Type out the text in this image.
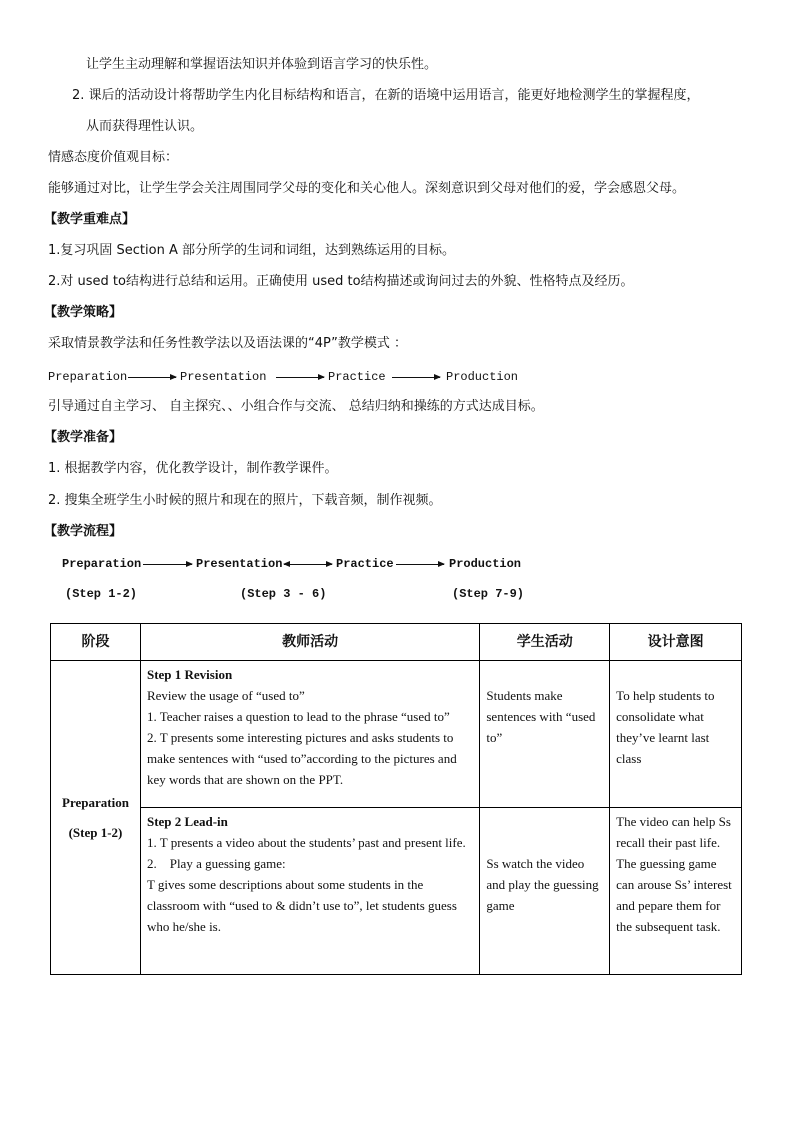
让学生主动理解和掌握语法知识并体验到语言学习的快乐性。
2. 课后的活动设计将帮助学生内化目标结构和语言，在新的语境中运用语言，能更好地检测学生的掌握程度，
从而获得理性认识。
情感态度价值观目标：
能够通过对比，让学生学会关注周围同学父母的变化和关心他人。深刻意识到父母对他们的爱，学会感恩父母。
【教学重难点】
1.复习巩固 Section A 部分所学的生词和词组，达到熟练运用的目标。
2.对 used to结构进行总结和运用。正确使用 used to结构描述或询问过去的外貌、性格特点及经历。
【教学策略】
采取情景教学法和任务性教学法以及语法课的“4P”教学模式 ：
Preparation	Presentation	Practice	Production
引导通过自主学习、 自主探究、、小组合作与交流、 总结归纳和操练的方式达成目标。
【教学准备】
1. 根据教学内容，优化教学设计，制作教学课件。
2. 搜集全班学生小时候的照片和现在的照片，下载音频，制作视频。
【教学流程】
Preparation	Presentation	Practice	Production
(Step 1-2)	(Step 3 - 6)	(Step 7-9)
阶段	教师活动	学生活动	设计意图

Preparation
(Step 1-2)	Step 1 Revision
Review the usage of “used to”
1. Teacher raises a question to lead to the phrase “used to”
2. T presents some interesting pictures and asks students to make sentences with “used to”according to the pictures and key words that are shown on the PPT.	Students make sentences with “used to”	To help students to consolidate what they’ve learnt last class

	Step 2 Lead-in
1. T presents a video about the students’ past and present life.
2.    Play a guessing game:
T gives some descriptions about some students in the classroom with “used to & didn’t use to”, let students guess who he/she is.	Ss watch the video and play the guessing game	The video can help Ss recall their past life. The guessing game can arouse Ss’ interest and pepare them for the subsequent task.
